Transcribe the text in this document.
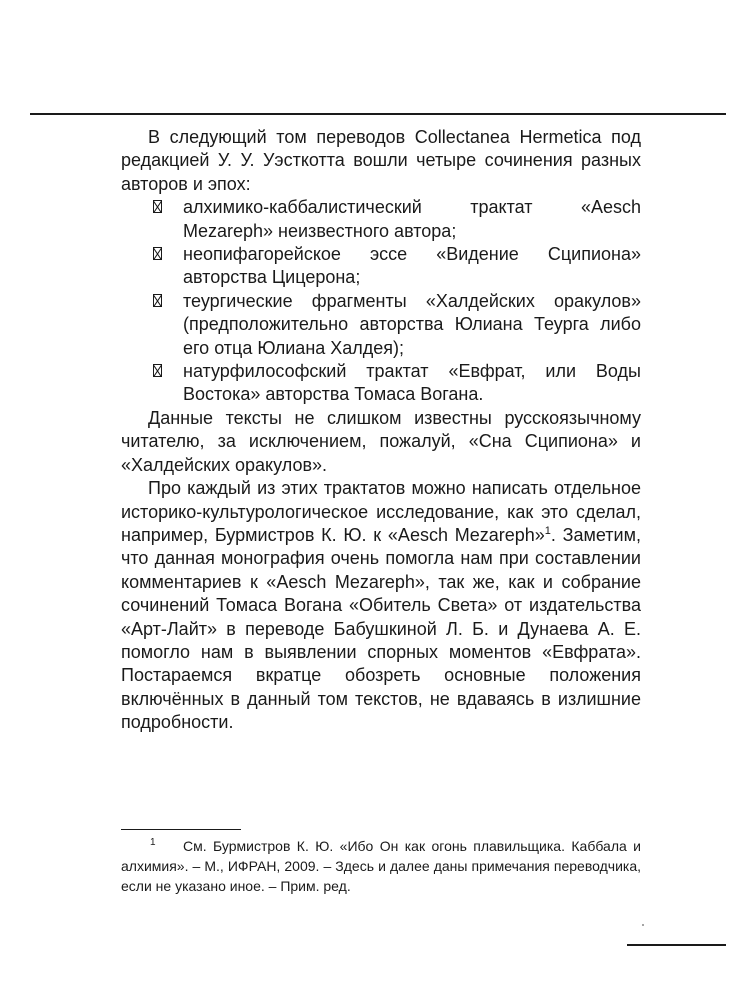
В следующий том переводов Collectanea Hermetica под редакцией У. У. Уэсткотта вошли четыре сочинения разных авторов и эпох:

алхимико-каббалистический трактат «Aesch Mezareph» неизвестного автора;
неопифагорейское эссе «Видение Сципиона» авторства Цицерона;
теургические фрагменты «Халдейских оракулов» (предположительно авторства Юлиана Теурга либо его отца Юлиана Халдея);
натурфилософский трактат «Евфрат, или Воды Востока» авторства Томаса Вогана.

Данные тексты не слишком известны русскоязычному читателю, за исключением, пожалуй, «Сна Сципиона» и «Халдейских оракулов».

Про каждый из этих трактатов можно написать отдельное историко-культурологическое исследование, как это сделал, например, Бурмистров К. Ю. к «Aesch Mezareph»$^1$. Заметим, что данная монография очень помогла нам при составлении комментариев к «Aesch Mezareph», так же, как и собрание сочинений Томаса Вогана «Обитель Света» от издательства «Арт-Лайт» в переводе Бабушкиной Л. Б. и Дунаева А. Е. помогло нам в выявлении спорных моментов «Евфрата». Постараемся вкратце обозреть основные положения включённых в данный том текстов, не вдаваясь в излишние подробности.

1	См. Бурмистров К. Ю. «Ибо Он как огонь плавильщика. Каббала и алхимия». – М., ИФРАН, 2009. – Здесь и далее даны примечания переводчика, если не указано иное. – Прим. ред.
